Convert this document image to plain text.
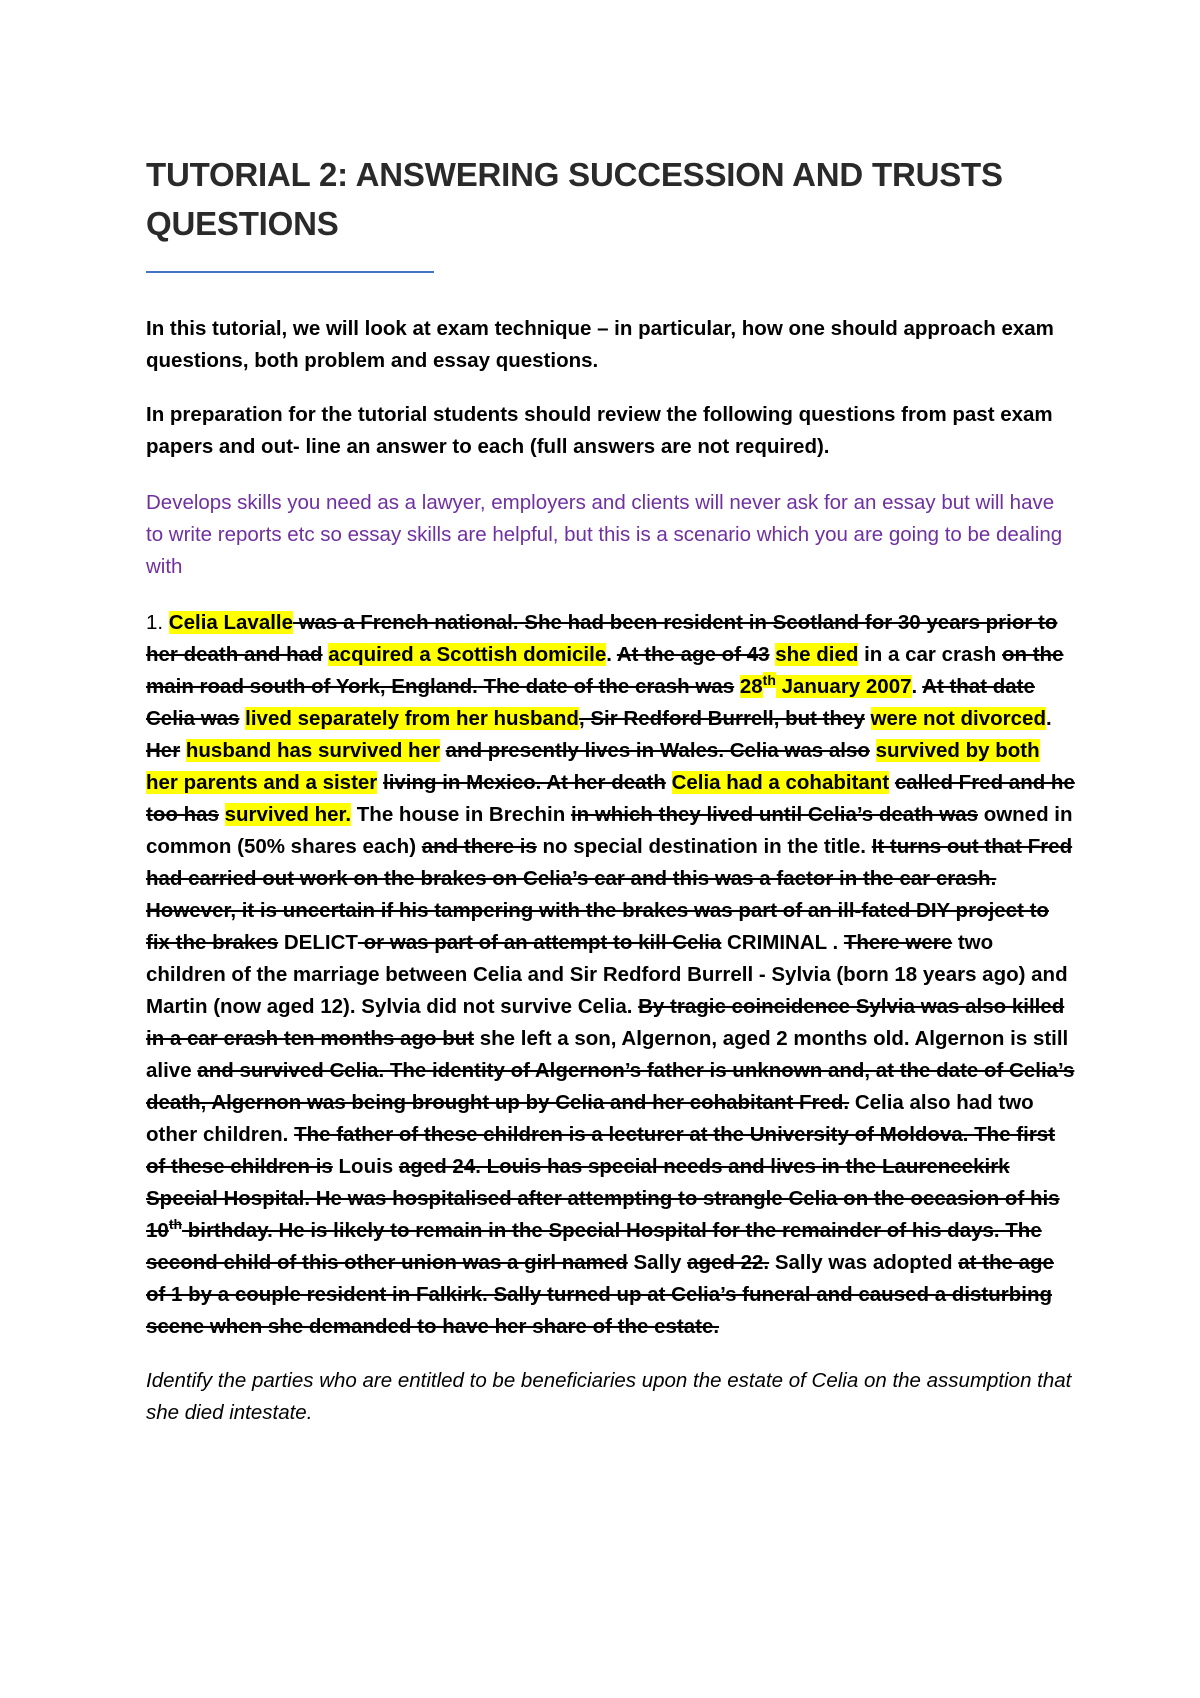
TUTORIAL 2: ANSWERING SUCCESSION AND TRUSTS QUESTIONS

In this tutorial, we will look at exam technique – in particular, how one should approach exam questions, both problem and essay questions.

In preparation for the tutorial students should review the following questions from past exam papers and out- line an answer to each (full answers are not required).

Develops skills you need as a lawyer, employers and clients will never ask for an essay but will have to write reports etc so essay skills are helpful, but this is a scenario which you are going to be dealing with

1. Celia Lavalle was a French national. She had been resident in Scotland for 30 years prior to her death and had acquired a Scottish domicile. At the age of 43 she died in a car crash on the main road south of York, England. The date of the crash was 28th January 2007. At that date Celia was lived separately from her husband, Sir Redford Burrell, but they were not divorced. Her husband has survived her and presently lives in Wales. Celia was also survived by both her parents and a sister living in Mexico. At her death Celia had a cohabitant called Fred and he too has survived her. The house in Brechin in which they lived until Celia’s death was owned in common (50% shares each) and there is no special destination in the title. It turns out that Fred had carried out work on the brakes on Celia’s car and this was a factor in the car crash. However, it is uncertain if his tampering with the brakes was part of an ill-fated DIY project to fix the brakes DELICT or was part of an attempt to kill Celia CRIMINAL . There were two children of the marriage between Celia and Sir Redford Burrell - Sylvia (born 18 years ago) and Martin (now aged 12). Sylvia did not survive Celia. By tragic coincidence Sylvia was also killed in a car crash ten months ago but she left a son, Algernon, aged 2 months old. Algernon is still alive and survived Celia. The identity of Algernon’s father is unknown and, at the date of Celia’s death, Algernon was being brought up by Celia and her cohabitant Fred. Celia also had two other children. The father of these children is a lecturer at the University of Moldova. The first of these children is Louis aged 24. Louis has special needs and lives in the Laurencekirk Special Hospital. He was hospitalised after attempting to strangle Celia on the occasion of his 10th birthday. He is likely to remain in the Special Hospital for the remainder of his days. The second child of this other union was a girl named Sally aged 22. Sally was adopted at the age of 1 by a couple resident in Falkirk. Sally turned up at Celia’s funeral and caused a disturbing scene when she demanded to have her share of the estate.

Identify the parties who are entitled to be beneficiaries upon the estate of Celia on the assumption that she died intestate.
